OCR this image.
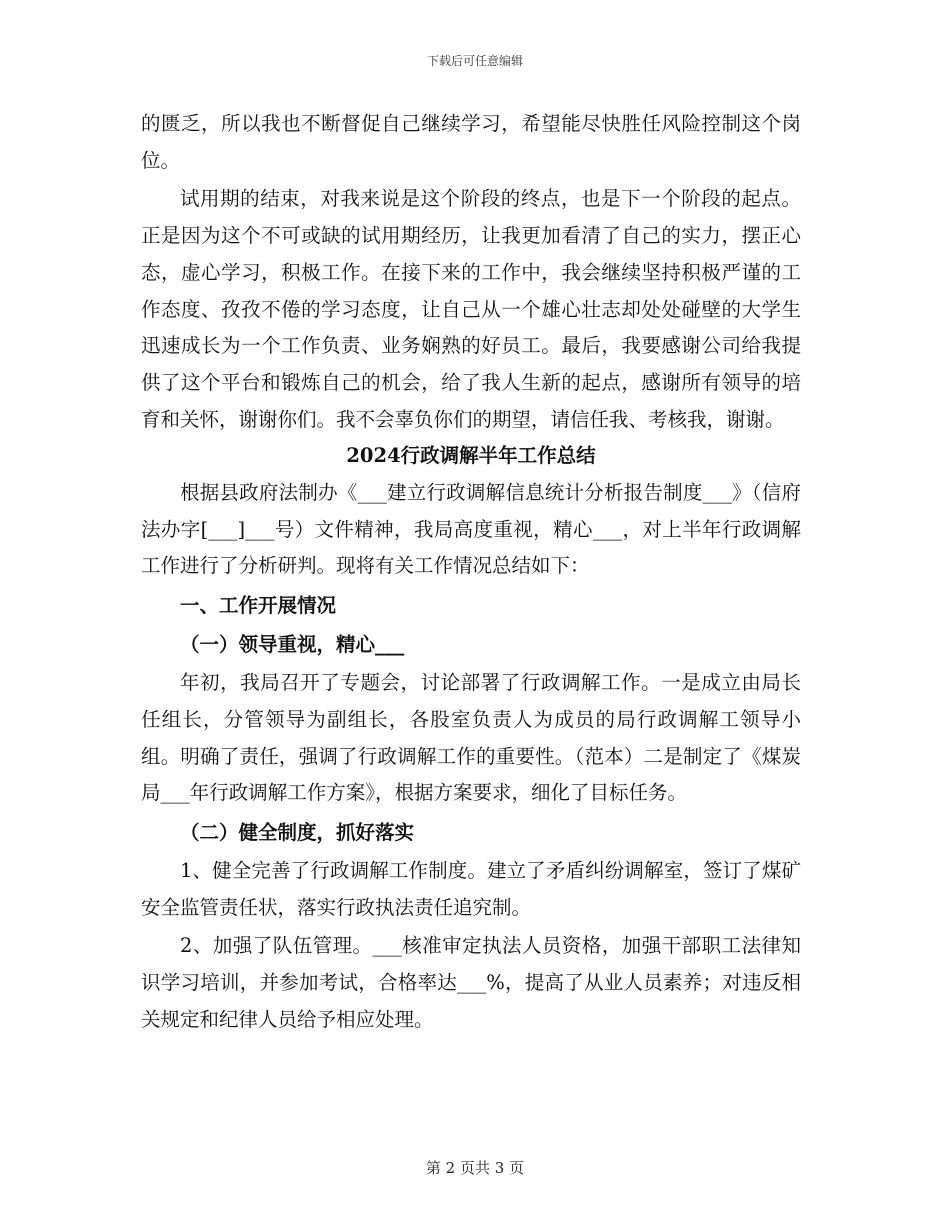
下载后可任意编辑

的匮乏，所以我也不断督促自己继续学习，希望能尽快胜任风险控制这个岗位。

试用期的结束，对我来说是这个阶段的终点，也是下一个阶段的起点。正是因为这个不可或缺的试用期经历，让我更加看清了自己的实力，摆正心态，虚心学习，积极工作。在接下来的工作中，我会继续坚持积极严谨的工作态度、孜孜不倦的学习态度，让自己从一个雄心壮志却处处碰壁的大学生迅速成长为一个工作负责、业务娴熟的好员工。最后，我要感谢公司给我提供了这个平台和锻炼自己的机会，给了我人生新的起点，感谢所有领导的培育和关怀，谢谢你们。我不会辜负你们的期望，请信任我、考核我，谢谢。

2024行政调解半年工作总结

根据县政府法制办《___建立行政调解信息统计分析报告制度___》（信府法办字[___]___号）文件精神，我局高度重视，精心___，对上半年行政调解工作进行了分析研判。现将有关工作情况总结如下：

一、工作开展情况

（一）领导重视，精心___

年初，我局召开了专题会，讨论部署了行政调解工作。一是成立由局长任组长，分管领导为副组长，各股室负责人为成员的局行政调解工领导小组。明确了责任，强调了行政调解工作的重要性。（范本）二是制定了《煤炭局___年行政调解工作方案》，根据方案要求，细化了目标任务。

（二）健全制度，抓好落实

1、健全完善了行政调解工作制度。建立了矛盾纠纷调解室，签订了煤矿安全监管责任状，落实行政执法责任追究制。

2、加强了队伍管理。___核准审定执法人员资格，加强干部职工法律知识学习培训，并参加考试，合格率达___%，提高了从业人员素养；对违反相关规定和纪律人员给予相应处理。

第 2 页共 3 页
